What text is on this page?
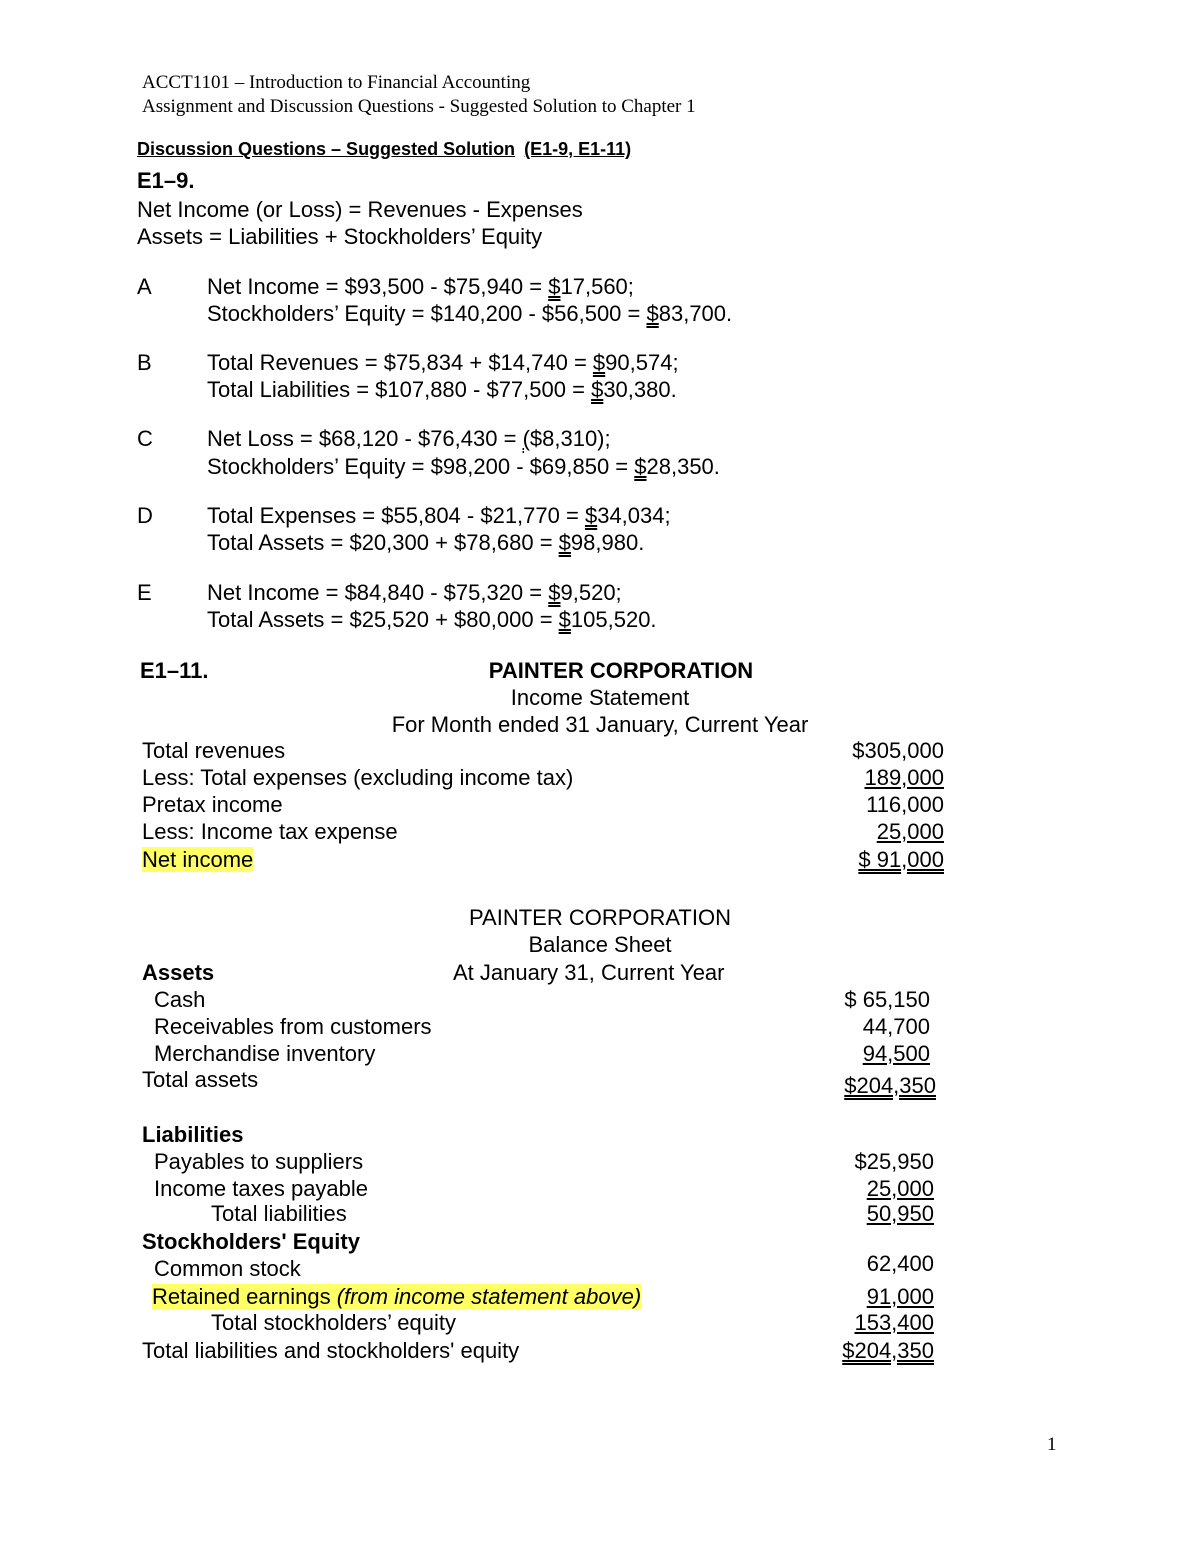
ACCT1101 – Introduction to Financial Accounting
Assignment and Discussion Questions - Suggested Solution to Chapter 1
Discussion Questions – Suggested Solution (E1-9, E1-11)
E1–9.
Net Income (or Loss) = Revenues - Expenses
Assets = Liabilities + Stockholders’ Equity
A	Net Income = $93,500 - $75,940 = $17,560;
Stockholders’ Equity = $140,200 - $56,500 = $83,700.
B	Total Revenues = $75,834 + $14,740 = $90,574;
Total Liabilities = $107,880 - $77,500 = $30,380.
C Net Loss = $68,120 - $76,430 = ($8,310);
Stockholders’ Equity = $98,200 - $69,850 = $28,350.
D Total Expenses = $55,804 - $21,770 = $34,034;
Total Assets = $20,300 + $78,680 = $98,980.
E	Net Income = $84,840 - $75,320 = $9,520;
Total Assets = $25,520 + $80,000 = $105,520.
E1–11.	PAINTER CORPORATION
Income Statement
For Month ended 31 January, Current Year
Total revenues	$305,000
Less: Total expenses (excluding income tax)	189,000
Pretax income	116,000
Less: Income tax expense	25,000
Net income	$ 91,000
PAINTER CORPORATION
Balance Sheet
Assets	At January 31, Current Year
Cash	$ 65,150
Receivables from customers	44,700
Merchandise inventory	94,500
Total assets	$204,350
Liabilities
Payables to suppliers	$25,950
Income taxes payable	25,000
Total liabilities	50,950
Stockholders' Equity
Common stock	62,400
Retained earnings (from income statement above)	91,000
Total stockholders’ equity	153,400
Total liabilities and stockholders' equity	$204,350
1
